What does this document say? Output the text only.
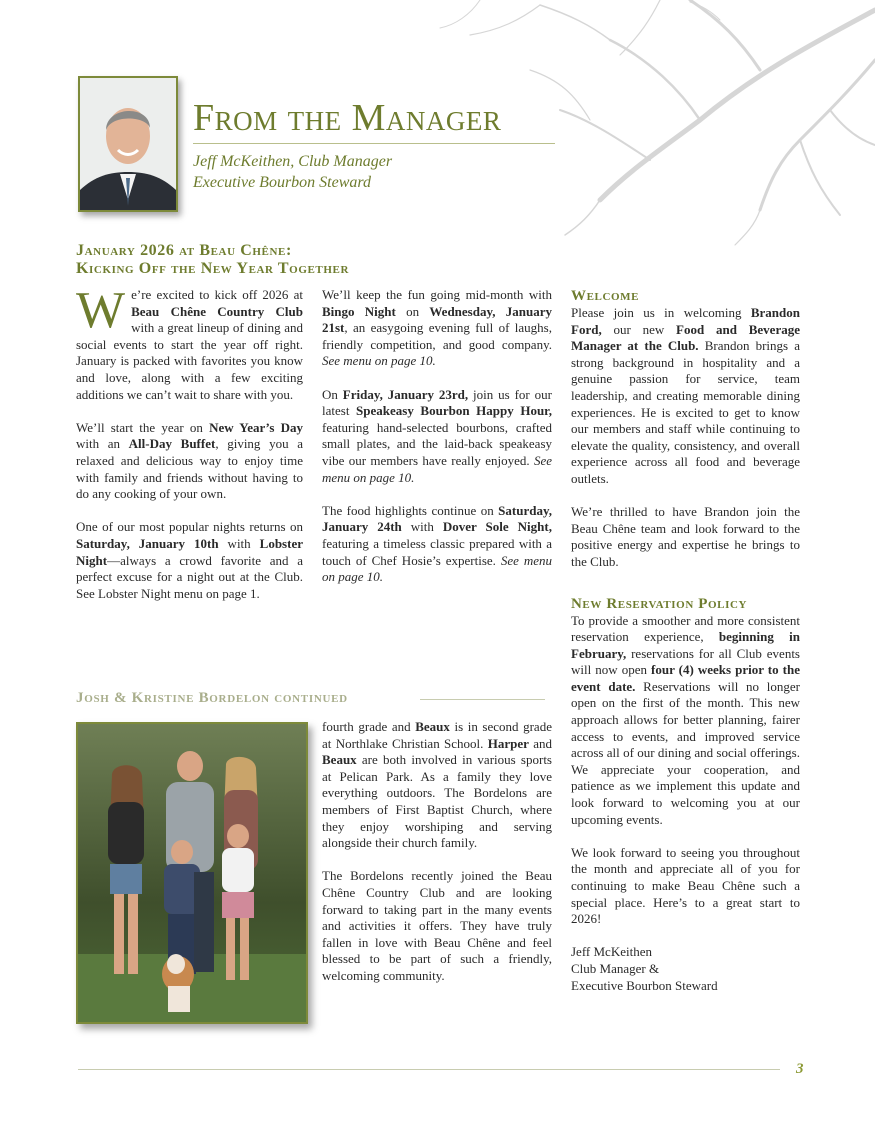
From the Manager
Jeff McKeithen, Club Manager
Executive Bourbon Steward
January 2026 at Beau Chêne:
Kicking Off the New Year Together

We’re excited to kick off 2026 at Beau Chêne Country Club with a great lineup of dining and social events to start the year off right. January is packed with favorites you know and love, along with a few exciting additions we can’t wait to share with you.

We’ll start the year on New Year’s Day with an All-Day Buffet, giving you a relaxed and delicious way to enjoy time with family and friends without having to do any cooking of your own.

One of our most popular nights returns on Saturday, January 10th with Lobster Night—always a crowd favorite and a perfect excuse for a night out at the Club. See Lobster Night menu on page 1.

We’ll keep the fun going mid-month with Bingo Night on Wednesday, January 21st, an easygoing evening full of laughs, friendly competition, and good company. See menu on page 10.

On Friday, January 23rd, join us for our latest Speakeasy Bourbon Happy Hour, featuring hand-selected bourbons, crafted small plates, and the laid-back speakeasy vibe our members have really enjoyed. See menu on page 10.

The food highlights continue on Saturday, January 24th with Dover Sole Night, featuring a timeless classic prepared with a touch of Chef Hosie’s expertise. See menu on page 10.

Welcome

Please join us in welcoming Brandon Ford, our new Food and Beverage Manager at the Club. Brandon brings a strong background in hospitality and a genuine passion for service, team leadership, and creating memorable dining experiences. He is excited to get to know our members and staff while continuing to elevate the quality, consistency, and overall experience across all food and beverage outlets.

We’re thrilled to have Brandon join the Beau Chêne team and look forward to the positive energy and expertise he brings to the Club.

New Reservation Policy

To provide a smoother and more consistent reservation experience, beginning in February, reservations for all Club events will now open four (4) weeks prior to the event date. Reservations will no longer open on the first of the month. This new approach allows for better planning, fairer access to events, and improved service across all of our dining and social offerings. We appreciate your cooperation, and patience as we implement this update and look forward to welcoming you at our upcoming events.

We look forward to seeing you throughout the month and appreciate all of you for continuing to make Beau Chêne such a special place. Here’s to a great start to 2026!

Jeff McKeithen
Club Manager &
Executive Bourbon Steward
Josh & Kristine Bordelon continued

fourth grade and Beaux is in second grade at Northlake Christian School. Harper and Beaux are both involved in various sports at Pelican Park. As a family they love everything outdoors. The Bordelons are members of First Baptist Church, where they enjoy worshiping and serving alongside their church family.

The Bordelons recently joined the Beau Chêne Country Club and are looking forward to taking part in the many events and activities it offers. They have truly fallen in love with Beau Chêne and feel blessed to be part of such a friendly, welcoming community.

3
